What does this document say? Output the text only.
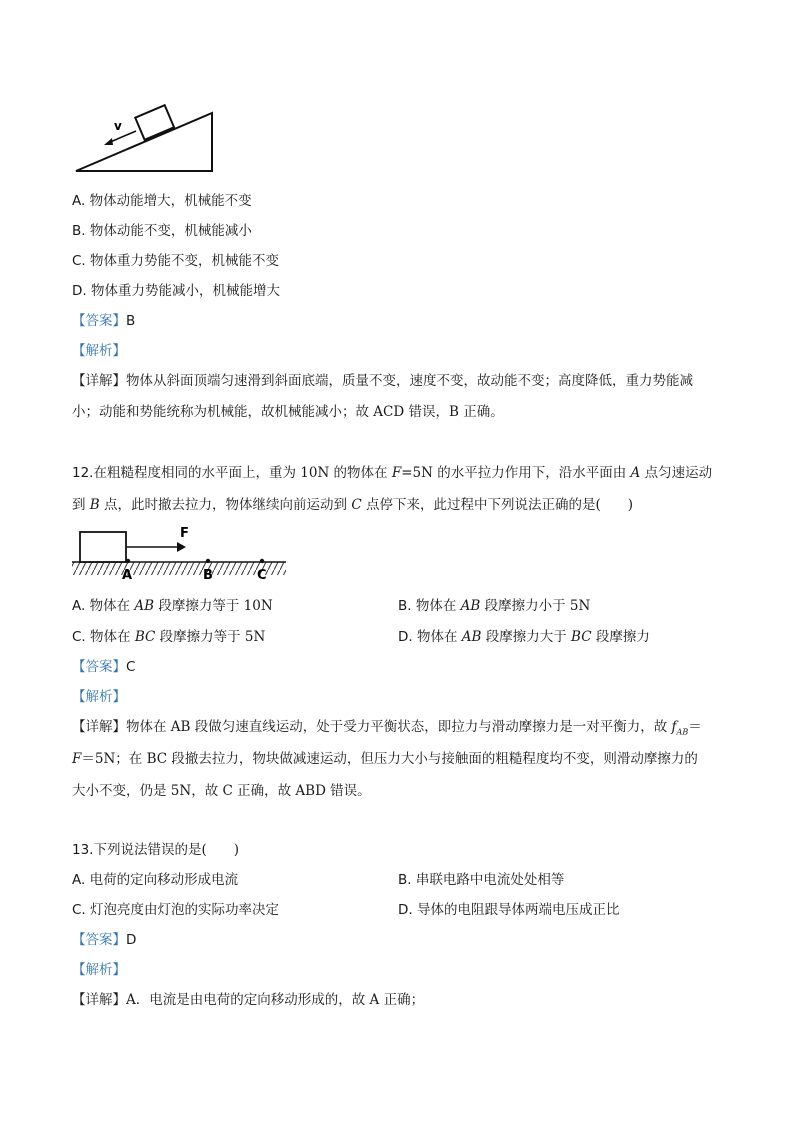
v
A. 物体动能增大，机械能不变
B. 物体动能不变，机械能减小
C. 物体重力势能不变，机械能不变
D. 物体重力势能减小，机械能增大
【答案】B
【解析】
【详解】物体从斜面顶端匀速滑到斜面底端，质量不变，速度不变，故动能不变；高度降低，重力势能减
小；动能和势能统称为机械能，故机械能减小；故 ACD 错误，B 正确。
12.在粗糙程度相同的水平面上，重为 10N 的物体在 F=5N 的水平拉力作用下，沿水平面由 A 点匀速运动
到 B 点，此时撤去拉力，物体继续向前运动到 C 点停下来，此过程中下列说法正确的是(　　)
F
A	B	C
A. 物体在 AB 段摩擦力等于 10N	B. 物体在 AB 段摩擦力小于 5N
C. 物体在 BC 段摩擦力等于 5N	D. 物体在 AB 段摩擦力大于 BC 段摩擦力
【答案】C
【解析】
【详解】物体在 AB 段做匀速直线运动，处于受力平衡状态，即拉力与滑动摩擦力是一对平衡力，故 $f_{AB}=$
F＝5N；在 BC 段撤去拉力，物块做减速运动，但压力大小与接触面的粗糙程度均不变，则滑动摩擦力的
大小不变，仍是 5N，故 C 正确，故 ABD 错误。
13.下列说法错误的是(　　)
A. 电荷的定向移动形成电流	B. 串联电路中电流处处相等
C. 灯泡亮度由灯泡的实际功率决定	D. 导体的电阻跟导体两端电压成正比
【答案】D
【解析】
【详解】A．电流是由电荷的定向移动形成的，故 A 正确；
